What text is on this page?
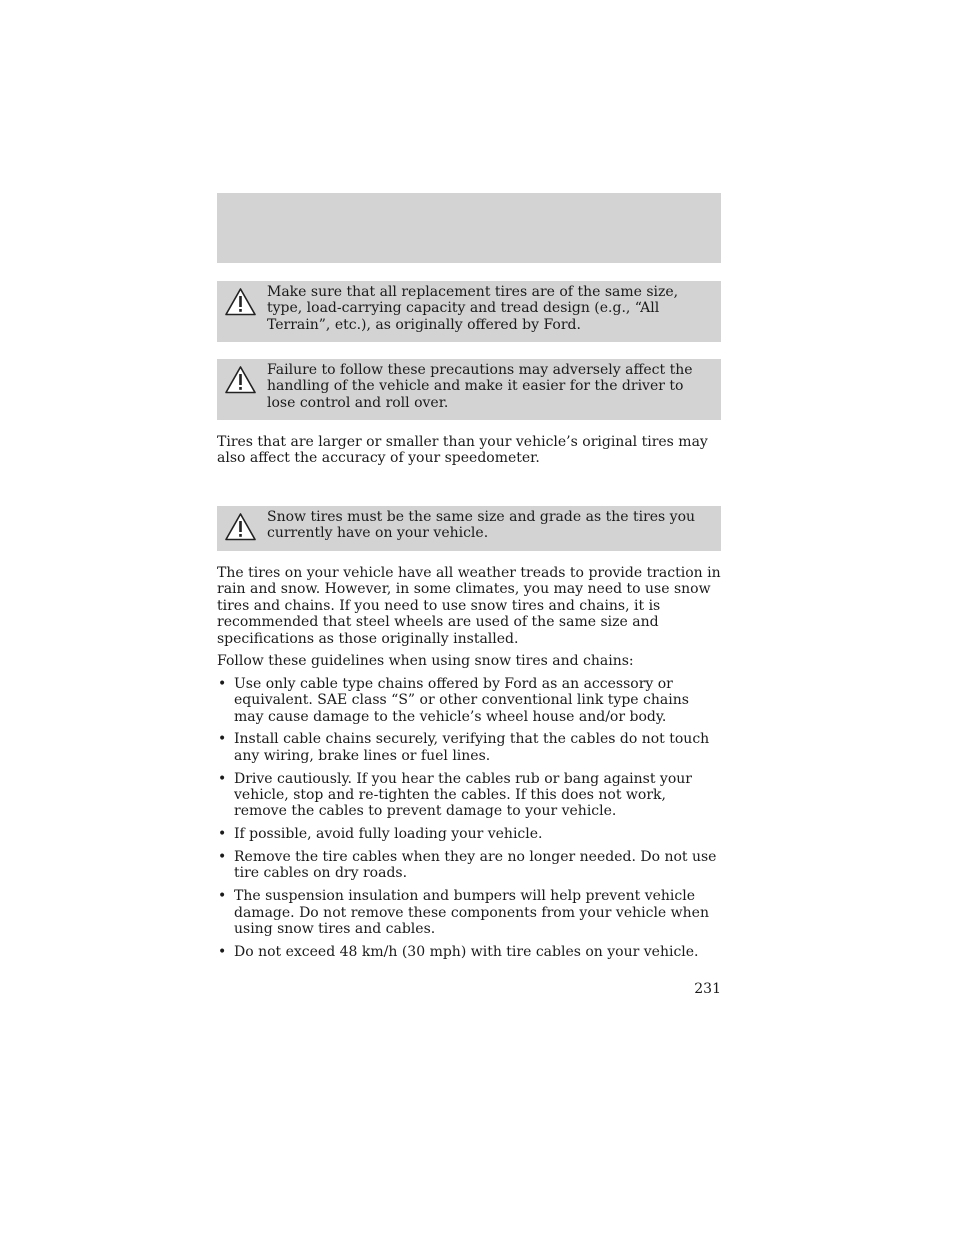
Make sure that all replacement tires are of the same size, type, load-carrying capacity and tread design (e.g., “All Terrain”, etc.), as originally offered by Ford.
Failure to follow these precautions may adversely affect the handling of the vehicle and make it easier for the driver to lose control and roll over.

Tires that are larger or smaller than your vehicle’s original tires may also affect the accuracy of your speedometer.

Snow tires must be the same size and grade as the tires you currently have on your vehicle.

The tires on your vehicle have all weather treads to provide traction in rain and snow. However, in some climates, you may need to use snow tires and chains. If you need to use snow tires and chains, it is recommended that steel wheels are used of the same size and specifications as those originally installed.

Follow these guidelines when using snow tires and chains:

• Use only cable type chains offered by Ford as an accessory or equivalent. SAE class “S” or other conventional link type chains may cause damage to the vehicle’s wheel house and/or body.
• Install cable chains securely, verifying that the cables do not touch any wiring, brake lines or fuel lines.
• Drive cautiously. If you hear the cables rub or bang against your vehicle, stop and re-tighten the cables. If this does not work, remove the cables to prevent damage to your vehicle.
• If possible, avoid fully loading your vehicle.
• Remove the tire cables when they are no longer needed. Do not use tire cables on dry roads.
• The suspension insulation and bumpers will help prevent vehicle damage. Do not remove these components from your vehicle when using snow tires and cables.
• Do not exceed 48 km/h (30 mph) with tire cables on your vehicle.
231
